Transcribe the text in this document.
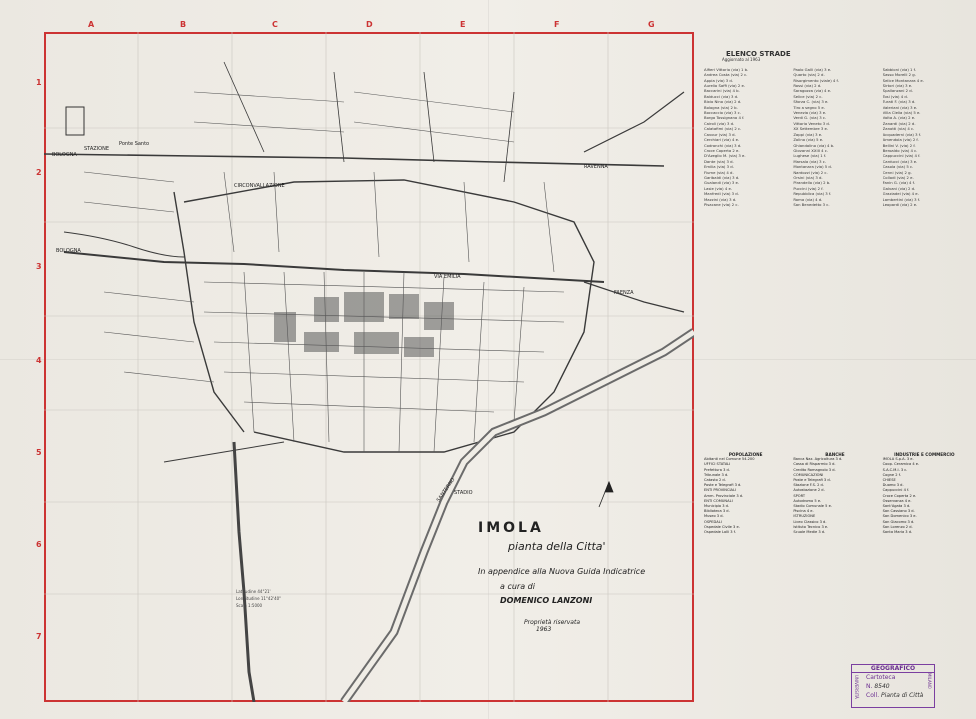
A	B	C	D	E	F	G
1
2
3
4
5
6
7
STAZIONE
Ponte Santo
BOLOGNA
BOLOGNA
RAVENNA
FAENZA
CIRCONVALLAZIONE
VIA EMILIA
SANTERNO
STADIO
IMOLA
pianta della Citta'
In appendice alla Nuova Guida Indicatrice
a cura di
DOMENICO LANZONI
Proprietà riservata
1963
Latitudine 44°21'
Longitudine 11°42'40"
Scala 1:5000
ELENCO STRADE
Aggiornato al 1963
Alfieri Vittorio (via) 1 b.
Andrea Costa (via) 2 c.
Appia (via) 3 d.
Aurelio Saffi (via) 2 e.
Baccarini (via) 4 b.
Balducci (via) 3 d.
Bixio Nino (via) 2 d.
Bologna (via) 2 b.
Boccaccio (via) 3 c.
Borgo Tossignano 4 f.
Cairoli (via) 3 d.
Calatafimi (via) 2 c.
Cavour (via) 3 d.
Cerchiari (via) 4 e.
Codronchi (via) 3 d.
Croce Coperta 2 e.
D'Azeglio M. (via) 3 e.
Dante (via) 3 d.
Emilia (via) 3 d.
Fiume (via) 4 d.
Garibaldi (via) 3 d.
Gualandi (via) 3 e.
Lasie (via) 4 e.
Manfredi (via) 3 d.
Mazzini (via) 3 d.
Pisacane (via) 2 c.
Paolo Galli (via) 3 e.
Quarto (via) 2 d.
Risorgimento (viale) 4 f.
Rossi (via) 2 d.
Saragozza (via) 4 e.
Selice (via) 2 c.
Sforza C. (via) 3 e.
Tiro a segno 5 e.
Venezia (via) 3 e.
Verdi G. (via) 3 c.
Vittorio Veneto 3 d.
XX Settembre 3 e.
Zappi (via) 3 e.
Zolino (via) 5 e.
Ghiandolino (via) 4 b.
Giovanni XXIII 4 c.
Lughese (via) 1 f.
Marsala (via) 3 c.
Montanara (via) 5 d.
Nardozzi (via) 2 c.
Orsini (via) 3 d.
Pirandello (via) 2 b.
Puccini (via) 2 f.
Repubblica (via) 3 f.
Roma (via) 4 d.
San Benedetto 3 c.
Sabbioni (via) 1 f.
Sasso Morelli 2 g.
Selice Montanara 4 e.
Sirtori (via) 3 e.
Spallanzani 2 d.
Tosi (via) 4 d.
Turati F. (via) 3 d.
Valeriani (via) 3 e.
Villa Clelia (via) 5 e.
Volta A. (via) 2 e.
Zanardi (via) 2 d.
Zanotti (via) 4 c.
Acquaderni (via) 3 f.
Amendola (via) 2 f.
Bellini V. (via) 2 f.
Beroaldo (via) 4 c.
Cappuccini (via) 4 f.
Carducci (via) 3 e.
Casola (via) 5 c.
Cenni (via) 2 g.
Collodi (via) 2 e.
Fanin G. (via) 4 f.
Galvani (via) 2 d.
Graziadei (via) 4 e.
Lambertini (via) 3 f.
Leopardi (via) 2 e.
POPOLAZIONE
Abitanti nel Comune 54.200
UFFICI STATALI
Prefettura 3 d.
Tribunale 3 d.
Catasto 2 d.
Poste e Telegrafi 3 d.
ENTI PROVINCIALI
Amm. Provinciale 3 d.
ENTI COMUNALI
Municipio 3 d.
Biblioteca 3 d.
Museo 3 d.
OSPEDALI
Ospedale Civile 3 e.
Ospedale Lolli 3 f.
BANCHE
Banca Naz. Agricoltura 3 d.
Cassa di Risparmio 3 d.
Credito Romagnolo 3 d.
COMUNICAZIONI
Poste e Telegrafi 3 d.
Stazione F.S. 2 d.
Autostazione 2 d.
SPORT
Autodromo 5 e.
Stadio Comunale 5 e.
Piscina 4 e.
ISTRUZIONE
Liceo Classico 3 d.
Istituto Tecnico 3 e.
Scuole Medie 3 d.
INDUSTRIE E COMMERCIO
IMOLA S.p.A. 3 e.
Coop. Ceramica 4 e.
S.A.C.M.I. 3 c.
Cogne 2 f.
CHIESE
Duomo 3 d.
Cappuccini 4 f.
Croce Coperta 2 e.
Osservanza 4 e.
Sant'Agata 3 d.
San Cassiano 3 d.
San Domenico 3 e.
San Giacomo 3 d.
San Lorenzo 2 d.
Santa Maria 3 d.
GEOGRAFICO
Cartoteca
N. 8540
Coll. Pianta di Città
UNIVERSITÀ	MILANO
